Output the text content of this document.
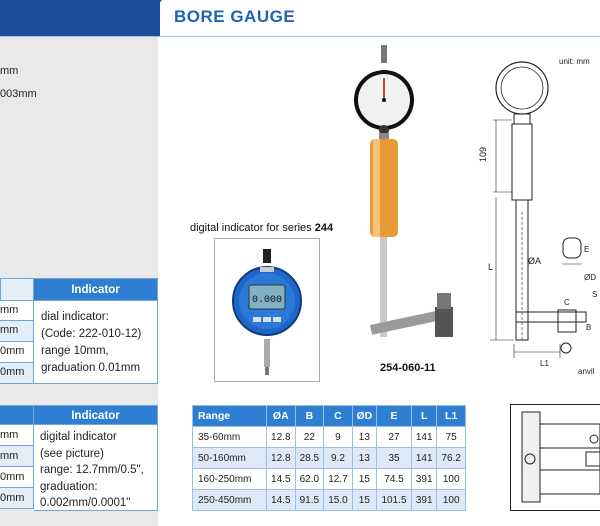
BORE GAUGE
mm
003mm
	Indicator
mm
mm
0mm
0mm
dial indicator:
(Code: 222-010-12)
range 10mm,
graduation 0.01mm
Indicator
mm
mm
0mm
0mm
digital indicator
(see picture)
range: 12.7mm/0.5",
graduation:
0.002mm/0.0001"
digital indicator for series 244
0.000
254-060-11
unit: mm
109
L
ØA
E
ØD
C
B
L1
S
anvil
Range	ØA	B	C	ØD	E	L	L1
35-60mm	12.8	22	9	13	27	141	75
50-160mm	12.8	28.5	9.2	13	35	141	76.2
160-250mm	14.5	62.0	12.7	15	74.5	391	100
250-450mm	14.5	91.5	15.0	15	101.5	391	100
